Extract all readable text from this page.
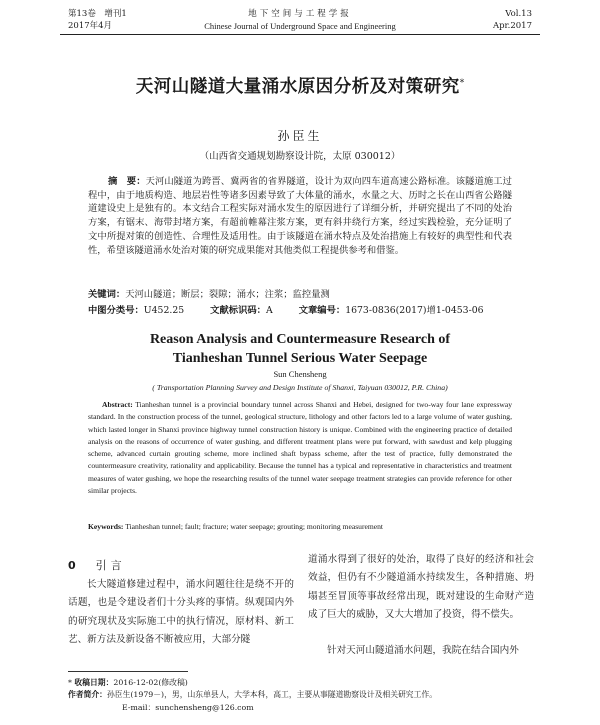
第13卷　增刊1
2017年4月
地下空间与工程学报
Chinese Journal of Underground Space and Engineering
Vol.13
Apr.2017
天河山隧道大量涌水原因分析及对策研究*
孙臣生
（山西省交通规划勘察设计院，太原 030012）
摘　要：天河山隧道为跨晋、冀两省的省界隧道，设计为双向四车道高速公路标准。该隧道施工过程中，由于地质构造、地层岩性等诸多因素导致了大体量的涌水，水量之大、历时之长在山西省公路隧道建设史上是独有的。本文结合工程实际对涌水发生的原因进行了详细分析，并研究提出了不同的处治方案，有锯末、海带封堵方案，有超前帷幕注浆方案，更有斜井绕行方案，经过实践检验，充分证明了文中所提对策的创造性、合理性及适用性。由于该隧道在涌水特点及处治措施上有较好的典型性和代表性，希望该隧道涌水处治对策的研究成果能对其他类似工程提供参考和借鉴。
关键词：天河山隧道；断层；裂隙；涌水；注浆；监控量测
中图分类号：U452.25	文献标识码：A	文章编号：1673-0836(2017)增1-0453-06
Reason Analysis and Countermeasure Research of
Tianheshan Tunnel Serious Water Seepage
Sun Chensheng
( Transportation Planning Survey and Design Institute of Shanxi, Taiyuan 030012, P.R. China)
Abstract: Tianheshan tunnel is a provincial boundary tunnel across Shanxi and Hebei, designed for two-way four lane expressway standard. In the construction process of the tunnel, geological structure, lithology and other factors led to a large volume of water gushing, which lasted longer in Shanxi province highway tunnel construction history is unique. Combined with the engineering practice of detailed analysis on the reasons of occurrence of water gushing, and different treatment plans were put forward, with sawdust and kelp plugging scheme, advanced curtain grouting scheme, more inclined shaft bypass scheme, after the test of practice, fully demonstrated the countermeasure creativity, rationality and applicability. Because the tunnel has a typical and representative in characteristics and treatment measures of water gushing, we hope the researching results of the tunnel water seepage treatment strategies can provide reference for other similar projects.
Keywords: Tianheshan tunnel; fault; fracture; water seepage; grouting; monitoring measurement
0 引言
长大隧道修建过程中，涌水问题往往是绕不开的话题，也是令建设者们十分头疼的事情。纵观国内外的研究现状及实际施工中的执行情况，原材料、新工艺、新方法及新设备不断被应用，大部分隧
道涌水得到了很好的处治，取得了良好的经济和社会效益，但仍有不少隧道涌水持续发生，各种措施、坍塌甚至冒顶等事故经常出现，既对建设的生命财产造成了巨大的威胁，又大大增加了投资，得不偿失。
针对天河山隧道涌水问题，我院在结合国内外
* 收稿日期：2016-12-02(修改稿)
作者简介：孙臣生(1979－)，男，山东单县人，大学本科，高工，主要从事隧道勘察设计及相关研究工作。
E-mail：sunchensheng@126.com
